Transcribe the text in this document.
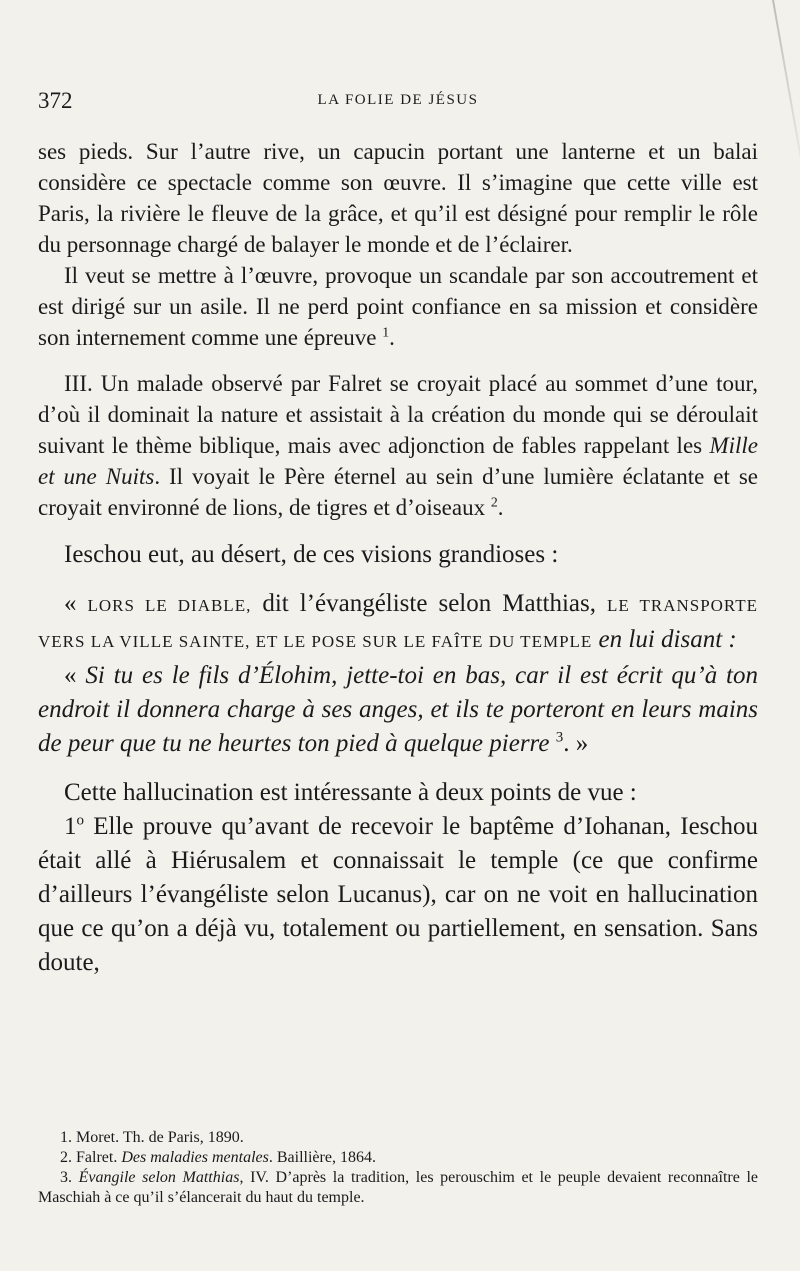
372	LA FOLIE DE JÉSUS

ses pieds. Sur l’autre rive, un capucin portant une lanterne et un balai considère ce spectacle comme son œuvre. Il s’imagine que cette ville est Paris, la rivière le fleuve de la grâce, et qu’il est désigné pour remplir le rôle du personnage chargé de balayer le monde et de l’éclairer.

Il veut se mettre à l’œuvre, provoque un scandale par son accoutrement et est dirigé sur un asile. Il ne perd point confiance en sa mission et considère son internement comme une épreuve $^1$.

III. Un malade observé par Falret se croyait placé au sommet d’une tour, d’où il dominait la nature et assistait à la création du monde qui se déroulait suivant le thème biblique, mais avec adjonction de fables rappelant les Mille et une Nuits. Il voyait le Père éternel au sein d’une lumière éclatante et se croyait environné de lions, de tigres et d’oiseaux $^2$.

Ieschou eut, au désert, de ces visions grandioses :

« LORS LE DIABLE, dit l’évangéliste selon Matthias, LE TRANSPORTE VERS LA VILLE SAINTE, ET LE POSE SUR LE FAÎTE DU TEMPLE en lui disant :

« Si tu es le fils d’Élohim, jette-toi en bas, car il est écrit qu’à ton endroit il donnera charge à ses anges, et ils te porteront en leurs mains de peur que tu ne heurtes ton pied à quelque pierre $^3$. »

Cette hallucination est intéressante à deux points de vue :

1$^o$ Elle prouve qu’avant de recevoir le baptême d’Iohanan, Ieschou était allé à Hiérusalem et connaissait le temple (ce que confirme d’ailleurs l’évangéliste selon Lucanus), car on ne voit en hallucination que ce qu’on a déjà vu, totalement ou partiellement, en sensation. Sans doute,

1. Moret. Th. de Paris, 1890.

2. Falret. Des maladies mentales. Baillière, 1864.

3. Évangile selon Matthias, IV. D’après la tradition, les perouschim et le peuple devaient reconnaître le Maschiah à ce qu’il s’élancerait du haut du temple.
